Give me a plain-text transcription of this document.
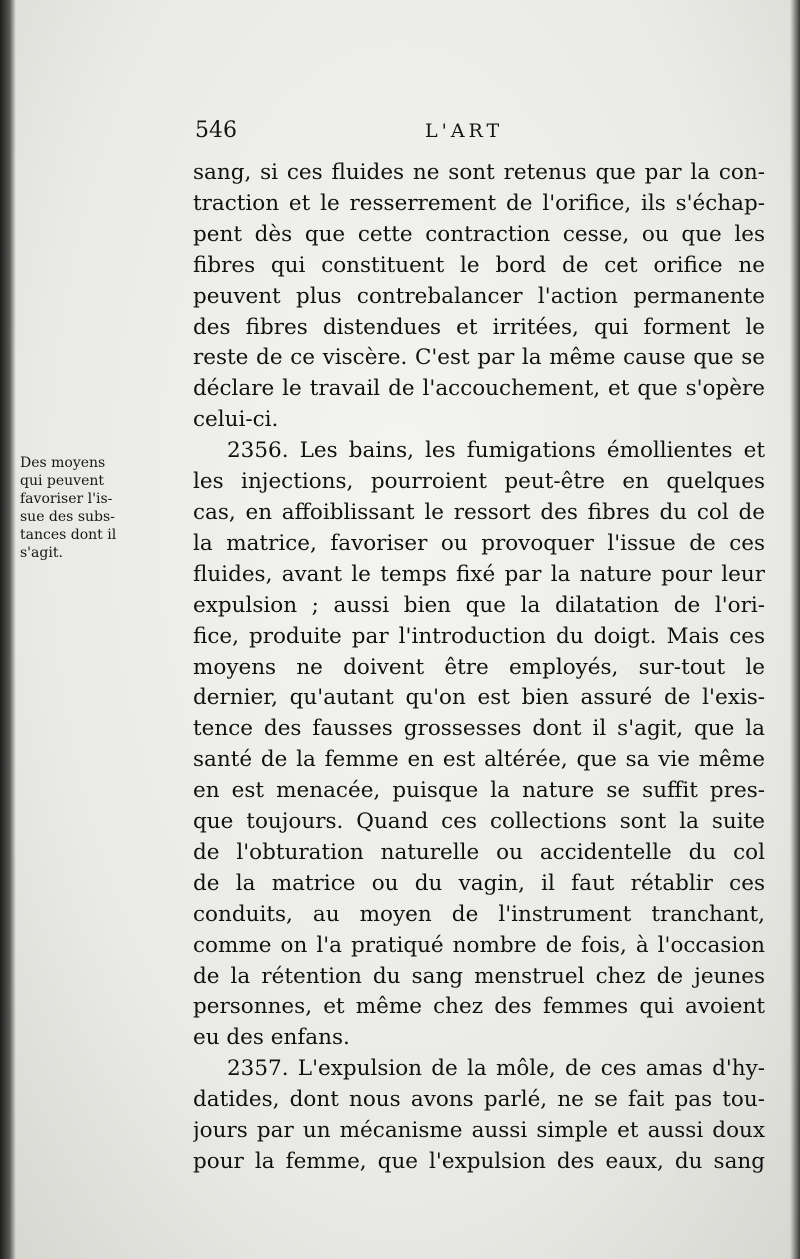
546	L'ART
Des moyens
qui peuvent
favoriser l'is-
sue des subs-
tances dont il
s'agit.
sang, si ces fluides ne sont retenus que par la con-
traction et le resserrement de l'orifice, ils s'échap-
pent dès que cette contraction cesse, ou que les
fibres qui constituent le bord de cet orifice ne
peuvent plus contrebalancer l'action permanente
des fibres distendues et irritées, qui forment le
reste de ce viscère. C'est par la même cause que se
déclare le travail de l'accouchement, et que s'opère
celui-ci.
2356. Les bains, les fumigations émollientes et
les injections, pourroient peut-être en quelques
cas, en affoiblissant le ressort des fibres du col de
la matrice, favoriser ou provoquer l'issue de ces
fluides, avant le temps fixé par la nature pour leur
expulsion ; aussi bien que la dilatation de l'ori-
fice, produite par l'introduction du doigt. Mais ces
moyens ne doivent être employés, sur-tout le
dernier, qu'autant qu'on est bien assuré de l'exis-
tence des fausses grossesses dont il s'agit, que la
santé de la femme en est altérée, que sa vie même
en est menacée, puisque la nature se suffit pres-
que toujours. Quand ces collections sont la suite
de l'obturation naturelle ou accidentelle du col
de la matrice ou du vagin, il faut rétablir ces
conduits, au moyen de l'instrument tranchant,
comme on l'a pratiqué nombre de fois, à l'occasion
de la rétention du sang menstruel chez de jeunes
personnes, et même chez des femmes qui avoient
eu des enfans.
2357. L'expulsion de la môle, de ces amas d'hy-
datides, dont nous avons parlé, ne se fait pas tou-
jours par un mécanisme aussi simple et aussi doux
pour la femme, que l'expulsion des eaux, du sang
